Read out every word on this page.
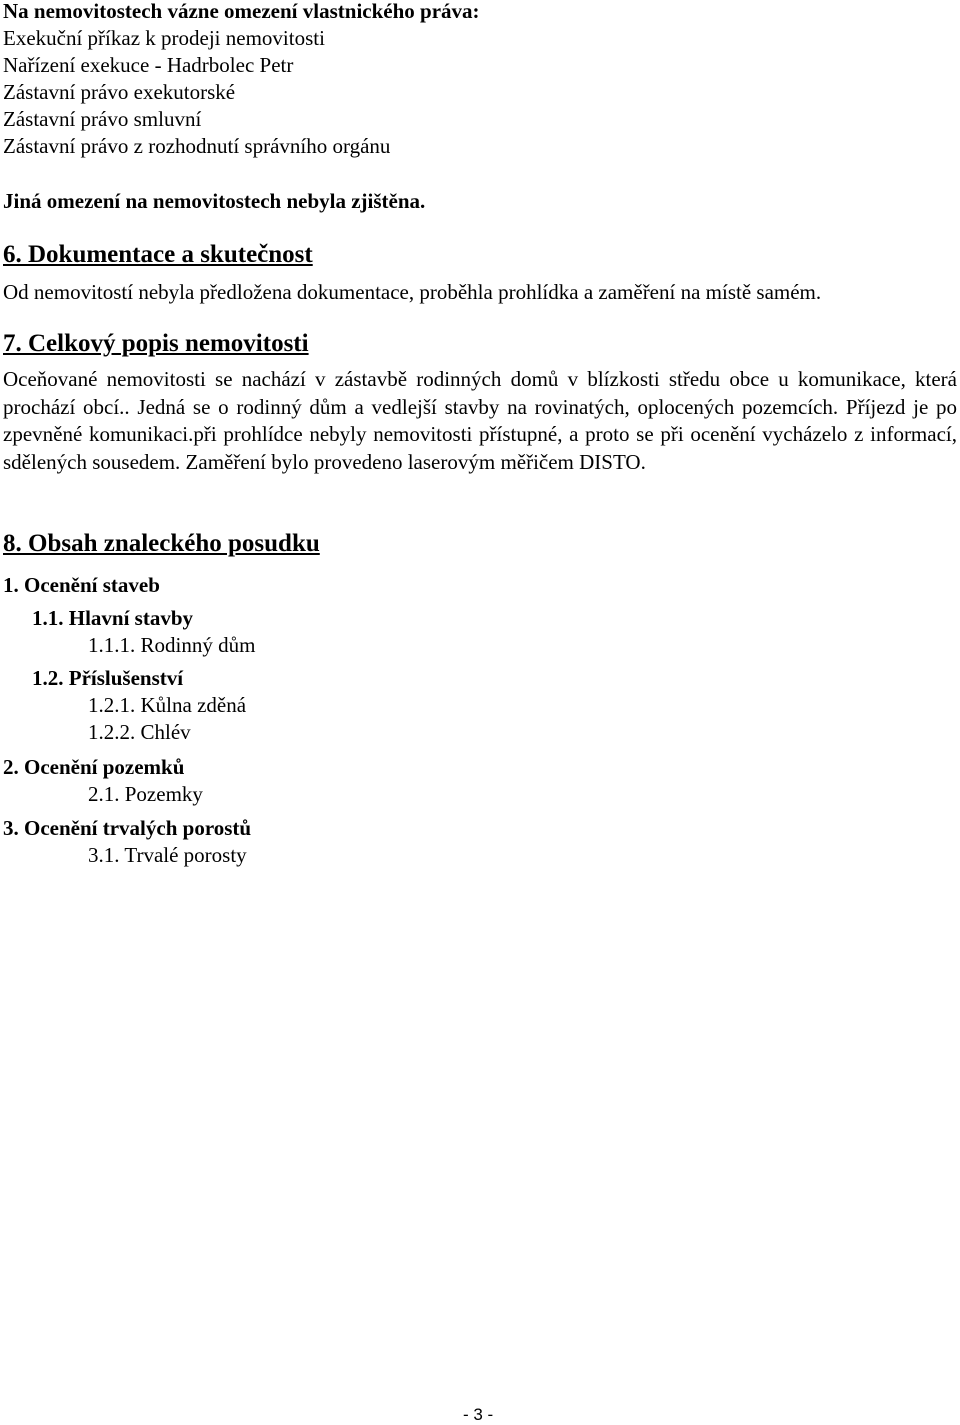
Na nemovitostech vázne omezení vlastnického práva:
Exekuční příkaz k prodeji nemovitosti
Nařízení exekuce - Hadrbolec Petr
Zástavní právo exekutorské
Zástavní právo smluvní
Zástavní právo z rozhodnutí správního orgánu
Jiná omezení na nemovitostech nebyla zjištěna.
6. Dokumentace a skutečnost
Od nemovitostí nebyla předložena dokumentace, proběhla prohlídka a zaměření na místě samém.
7. Celkový popis nemovitosti
Oceňované nemovitosti se nachází v zástavbě rodinných domů v blízkosti středu obce u komunikace, která prochází obcí.. Jedná se o rodinný dům a vedlejší stavby na rovinatých, oplocených pozemcích. Příjezd je po zpevněné komunikaci.při prohlídce nebyly nemovitosti přístupné, a proto se při ocenění vycházelo z informací, sdělených sousedem. Zaměření bylo provedeno laserovým měřičem DISTO.
8. Obsah znaleckého posudku
1. Ocenění staveb
1.1. Hlavní stavby
1.1.1. Rodinný dům
1.2. Příslušenství
1.2.1. Kůlna zděná
1.2.2. Chlév
2. Ocenění pozemků
2.1. Pozemky
3. Ocenění trvalých porostů
3.1. Trvalé porosty
- 3 -
